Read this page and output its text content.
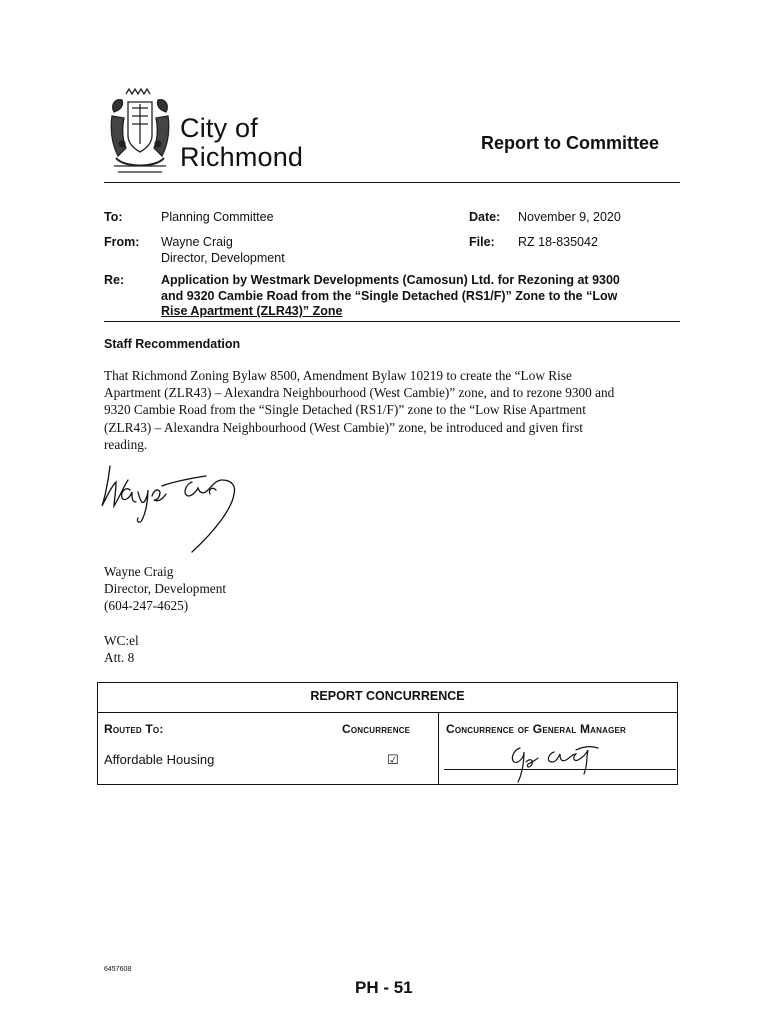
City of
Richmond	Report to Committee
To:	Planning Committee	Date: November 9, 2020
From: Wayne Craig
Director, Development
File: RZ 18-835042
Re:	Application by Westmark Developments (Camosun) Ltd. for Rezoning at 9300
and 9320 Cambie Road from the “Single Detached (RS1/F)” Zone to the “Low
Rise Apartment (ZLR43)” Zone
Staff Recommendation
That Richmond Zoning Bylaw 8500, Amendment Bylaw 10219 to create the “Low Rise
Apartment (ZLR43) – Alexandra Neighbourhood (West Cambie)” zone, and to rezone 9300 and
9320 Cambie Road from the “Single Detached (RS1/F)” zone to the “Low Rise Apartment
(ZLR43) – Alexandra Neighbourhood (West Cambie)” zone, be introduced and given first
reading.
Wayne Craig
Director, Development
(604-247-4625)
WC:el
Att. 8
REPORT CONCURRENCE
Routed To:	Concurrence	Concurrence of General Manager
Affordable Housing	☑
6457608
PH - 51
